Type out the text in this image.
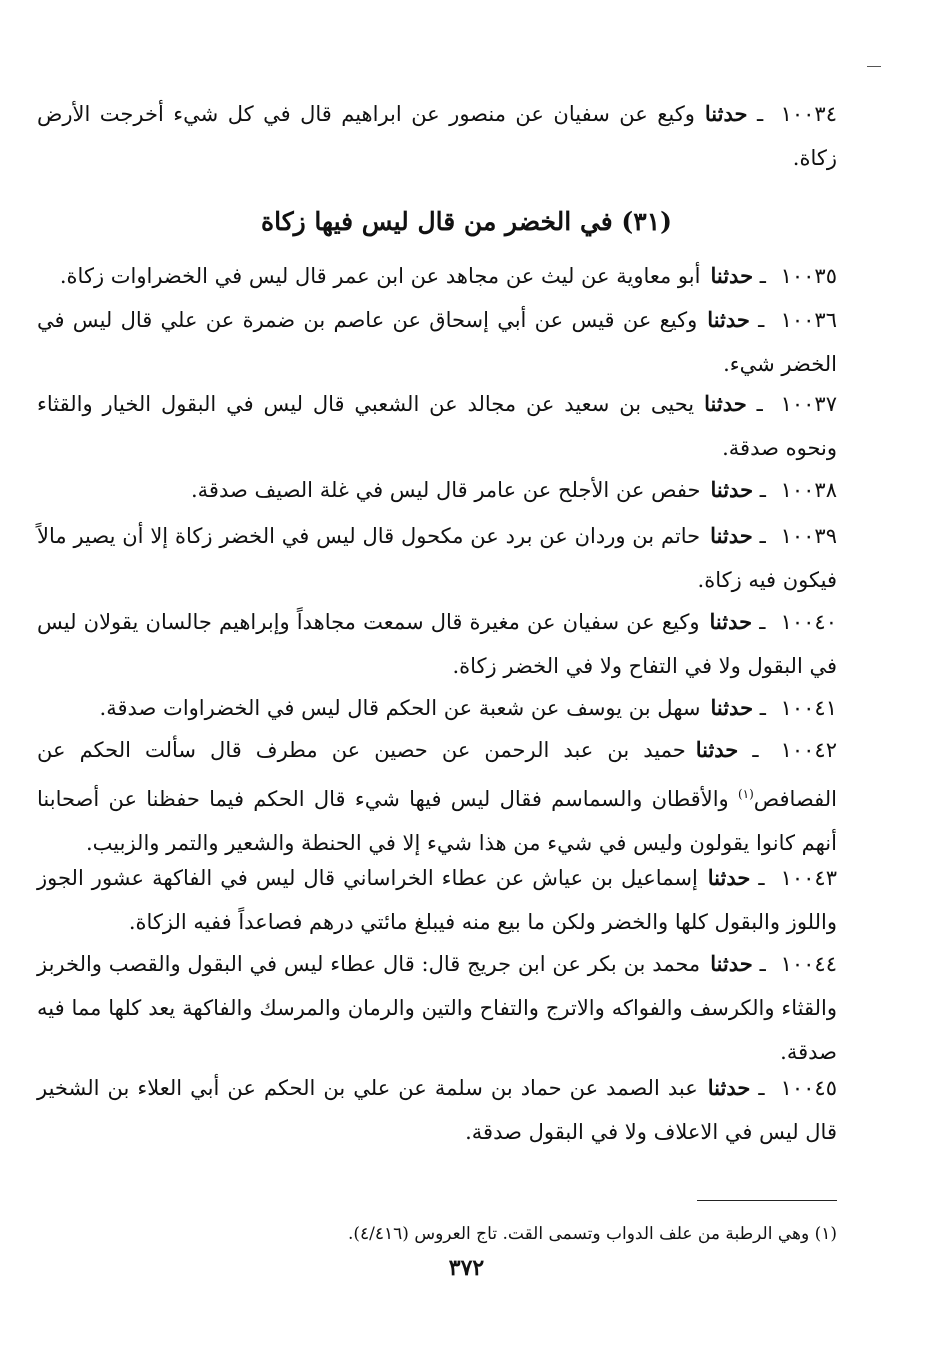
١٠٠٣٤ ـ حدثناوكيع عن سفيان عن منصور عن ابراهيم قال في كل شيء أخرجت الأرض زكاة.

(٣١) في الخضر من قال ليس فيها زكاة

١٠٠٣٥ ـ حدثناأبو معاوية عن ليث عن مجاهد عن ابن عمر قال ليس في الخضراوات زكاة.

١٠٠٣٦ ـ حدثناوكيع عن قيس عن أبي إسحاق عن عاصم بن ضمرة عن علي قال ليس في الخضر شيء.

١٠٠٣٧ ـ حدثنايحيى بن سعيد عن مجالد عن الشعبي قال ليس في البقول الخيار والقثاء ونحوه صدقة.

١٠٠٣٨ ـ حدثناحفص عن الأجلح عن عامر قال ليس في غلة الصيف صدقة.

١٠٠٣٩ ـ حدثناحاتم بن وردان عن برد عن مكحول قال ليس في الخضر زكاة إلا أن يصير مالاً فيكون فيه زكاة.

١٠٠٤٠ ـ حدثناوكيع عن سفيان عن مغيرة قال سمعت مجاهداً وإبراهيم جالسان يقولان ليس في البقول ولا في التفاح ولا في الخضر زكاة.

١٠٠٤١ ـ حدثناسهل بن يوسف عن شعبة عن الحكم قال ليس في الخضراوات صدقة.

١٠٠٤٢ ـ حدثناحميد بن عبد الرحمن عن حصين عن مطرف قال سألت الحكم عن الفصافص$^{(١)}$ والأقطان والسماسم فقال ليس فيها شيء قال الحكم فيما حفظنا عن أصحابنا أنهم كانوا يقولون وليس في شيء من هذا شيء إلا في الحنطة والشعير والتمر والزبيب.

١٠٠٤٣ ـ حدثناإسماعيل بن عياش عن عطاء الخراساني قال ليس في الفاكهة عشور الجوز واللوز والبقول كلها والخضر ولكن ما بيع منه فيبلغ مائتي درهم فصاعداً ففيه الزكاة.

١٠٠٤٤ ـ حدثنامحمد بن بكر عن ابن جريج قال: قال عطاء ليس في البقول والقصب والخربز والقثاء والكرسف والفواكه والاترج والتفاح والتين والرمان والمرسك والفاكهة يعد كلها مما فيه صدقة.

١٠٠٤٥ ـ حدثناعبد الصمد عن حماد بن سلمة عن علي بن الحكم عن أبي العلاء بن الشخير قال ليس في الاعلاف ولا في البقول صدقة.

(١) وهي الرطبة من علف الدواب وتسمى القت. تاج العروس (٤/٤١٦).

٣٧٢
